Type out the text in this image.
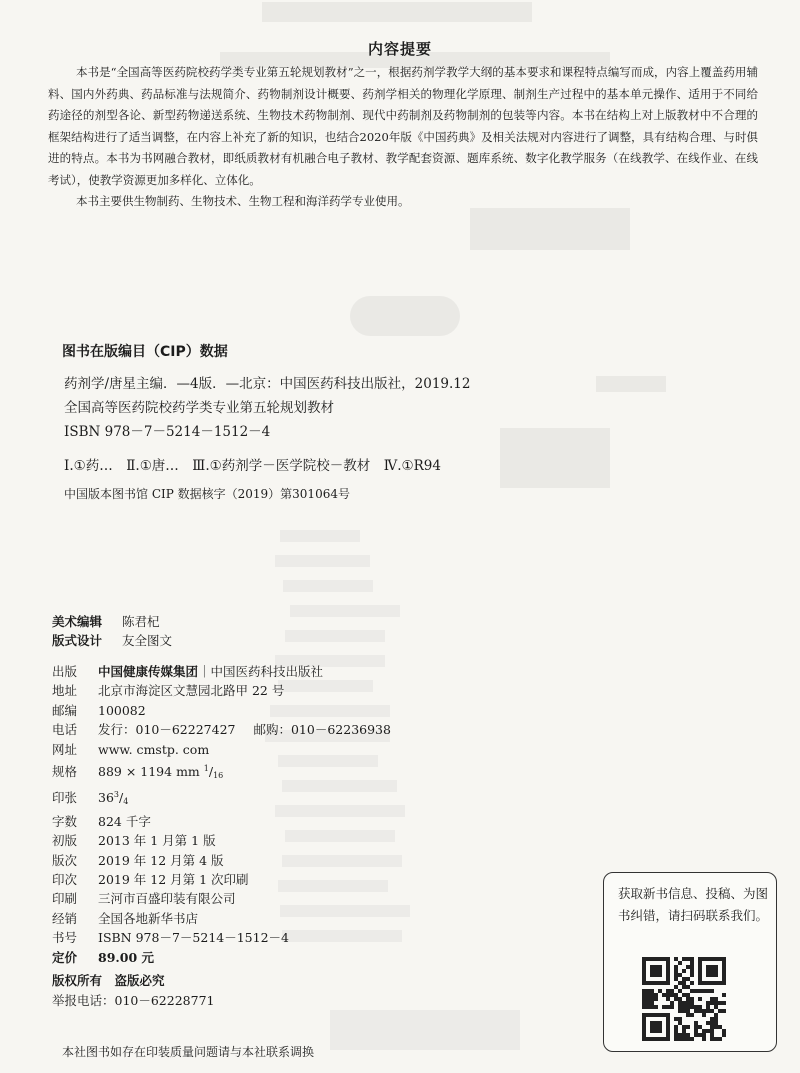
内容提要

本书是“全国高等医药院校药学类专业第五轮规划教材”之一，根据药剂学教学大纲的基本要求和课程特点编写而成，内容上覆盖药用辅料、国内外药典、药品标准与法规简介、药物制剂设计概要、药剂学相关的物理化学原理、制剂生产过程中的基本单元操作、适用于不同给药途径的剂型各论、新型药物递送系统、生物技术药物制剂、现代中药制剂及药物制剂的包装等内容。本书在结构上对上版教材中不合理的框架结构进行了适当调整，在内容上补充了新的知识，也结合2020年版《中国药典》及相关法规对内容进行了调整，具有结构合理、与时俱进的特点。本书为书网融合教材，即纸质教材有机融合电子教材、教学配套资源、题库系统、数字化教学服务（在线教学、在线作业、在线考试），使教学资源更加多样化、立体化。

本书主要供生物制药、生物技术、生物工程和海洋药学专业使用。

图书在版编目（CIP）数据
药剂学/唐星主编．—4版．—北京：中国医药科技出版社，2019.12
全国高等医药院校药学类专业第五轮规划教材
ISBN 978－7－5214－1512－4
Ⅰ.①药…　Ⅱ.①唐…　Ⅲ.①药剂学－医学院校－教材　Ⅳ.①R94
中国版本图书馆 CIP 数据核字（2019）第301064号
美术编辑 陈君杞
版式设计 友全图文
出版 中国健康传媒集团｜中国医药科技出版社
地址 北京市海淀区文慧园北路甲 22 号
邮编 100082
电话 发行：010－62227427 邮购：010－62236938
网址 www. cmstp. com
规格 889 × 1194 mm $^1/_{16}$
印张 $36^3/_4$
字数 824 千字
初版 2013 年 1 月第 1 版
版次 2019 年 12 月第 4 版
印次 2019 年 12 月第 1 次印刷
印刷 三河市百盛印装有限公司
经销 全国各地新华书店
书号 ISBN 978－7－5214－1512－4
定价 89.00 元
版权所有　盗版必究
举报电话：010－62228771
本社图书如存在印装质量问题请与本社联系调换
获取新书信息、投稿、为图书纠错，请扫码联系我们。
